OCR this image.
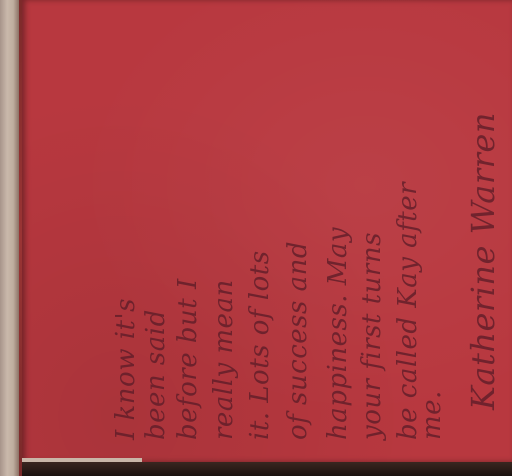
I know it's been said before but I really mean it. Lots of lots of success and happiness. May your first turns be called Kay after
me.
Katherine Warren
